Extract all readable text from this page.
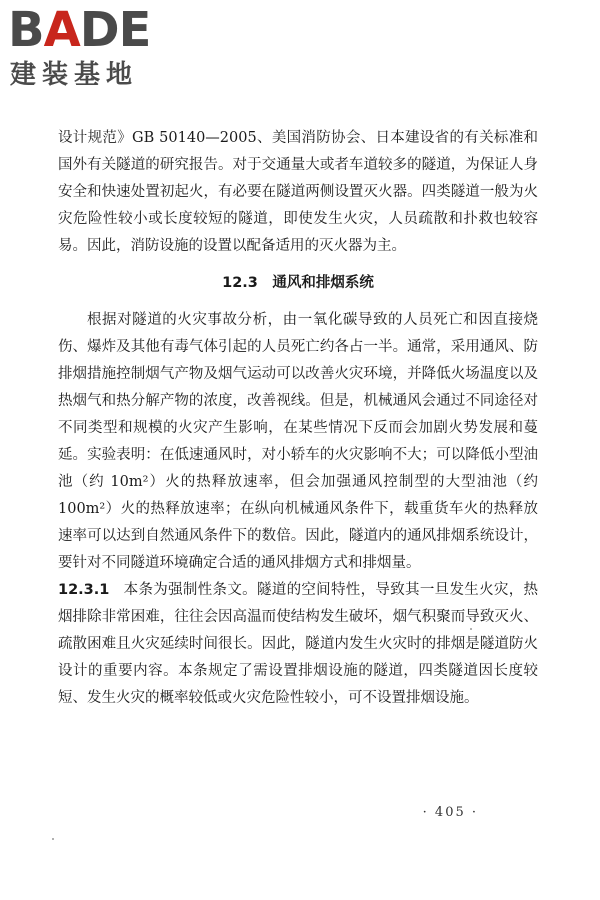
BADE
建装基地

设计规范》GB 50140—2005、美国消防协会、日本建设省的有关标准和国外有关隧道的研究报告。对于交通量大或者车道较多的隧道，为保证人身安全和快速处置初起火，有必要在隧道两侧设置灭火器。四类隧道一般为火灾危险性较小或长度较短的隧道，即使发生火灾，人员疏散和扑救也较容易。因此，消防设施的设置以配备适用的灭火器为主。

12.3　通风和排烟系统

根据对隧道的火灾事故分析，由一氧化碳导致的人员死亡和因直接烧伤、爆炸及其他有毒气体引起的人员死亡约各占一半。通常，采用通风、防排烟措施控制烟气产物及烟气运动可以改善火灾环境，并降低火场温度以及热烟气和热分解产物的浓度，改善视线。但是，机械通风会通过不同途径对不同类型和规模的火灾产生影响，在某些情况下反而会加剧火势发展和蔓延。实验表明：在低速通风时，对小轿车的火灾影响不大；可以降低小型油池（约 10m²）火的热释放速率，但会加强通风控制型的大型油池（约 100m²）火的热释放速率；在纵向机械通风条件下，载重货车火的热释放速率可以达到自然通风条件下的数倍。因此，隧道内的通风排烟系统设计，要针对不同隧道环境确定合适的通风排烟方式和排烟量。

12.3.1 本条为强制性条文。隧道的空间特性，导致其一旦发生火灾，热烟排除非常困难，往往会因高温而使结构发生破坏，烟气积聚而导致灭火、疏散困难且火灾延续时间很长。因此，隧道内发生火灾时的排烟是隧道防火设计的重要内容。本条规定了需设置排烟设施的隧道，四类隧道因长度较短、发生火灾的概率较低或火灾危险性较小，可不设置排烟设施。

· 405 ·
